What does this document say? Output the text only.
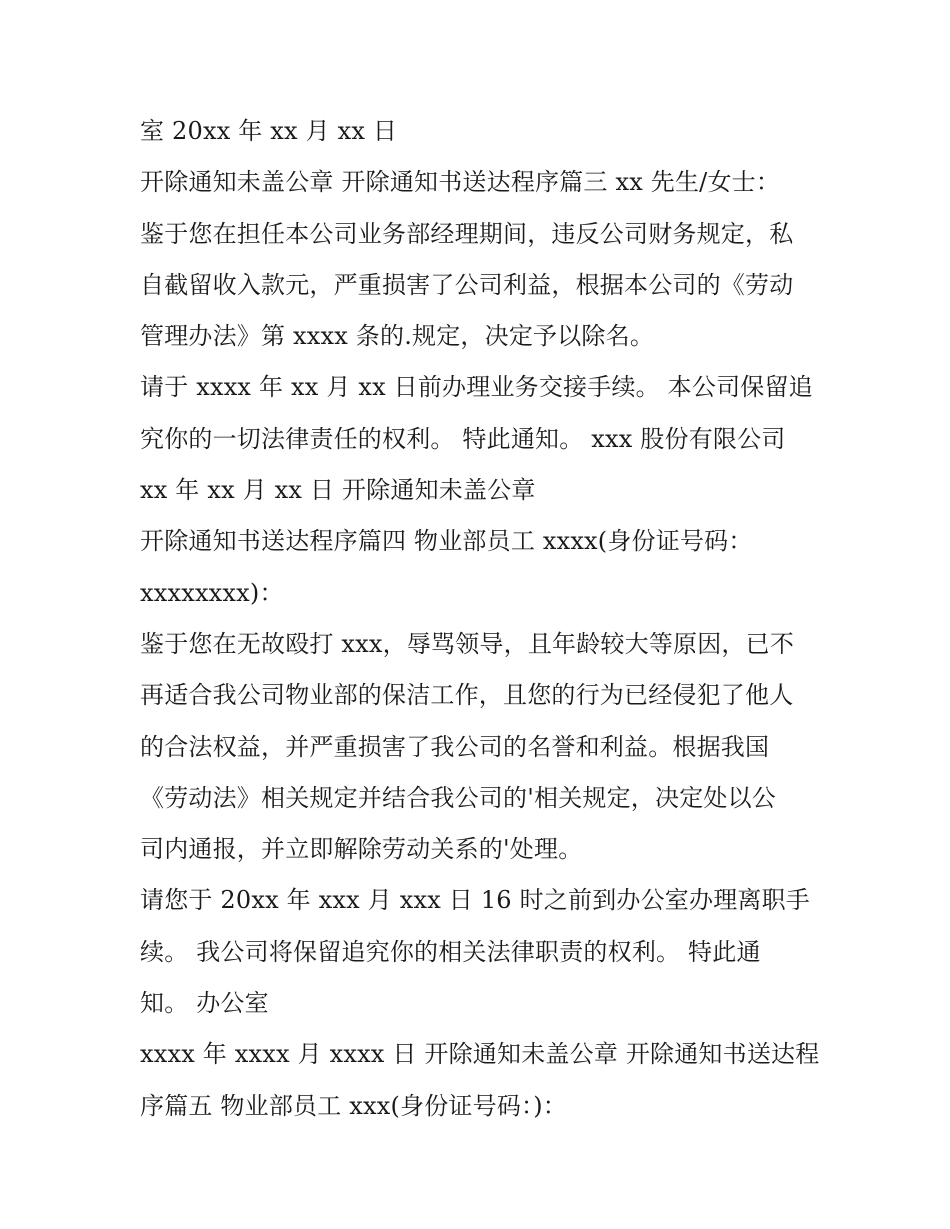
室 20xx 年 xx 月 xx 日
开除通知未盖公章 开除通知书送达程序篇三 xx 先生/女士：
鉴于您在担任本公司业务部经理期间，违反公司财务规定，私
自截留收入款元，严重损害了公司利益，根据本公司的《劳动
管理办法》第 xxxx 条的.规定，决定予以除名。
请于 xxxx 年 xx 月 xx 日前办理业务交接手续。 本公司保留追
究你的一切法律责任的权利。 特此通知。 xxx 股份有限公司
xx 年 xx 月 xx 日 开除通知未盖公章
开除通知书送达程序篇四 物业部员工 xxxx(身份证号码：
xxxxxxxx)：
鉴于您在无故殴打 xxx，辱骂领导，且年龄较大等原因，已不
再适合我公司物业部的保洁工作，且您的行为已经侵犯了他人
的合法权益，并严重损害了我公司的名誉和利益。根据我国
《劳动法》相关规定并结合我公司的'相关规定，决定处以公
司内通报，并立即解除劳动关系的'处理。
请您于 20xx 年 xxx 月 xxx 日 16 时之前到办公室办理离职手
续。 我公司将保留追究你的相关法律职责的权利。 特此通
知。 办公室
xxxx 年 xxxx 月 xxxx 日 开除通知未盖公章 开除通知书送达程
序篇五 物业部员工 xxx(身份证号码：)：
